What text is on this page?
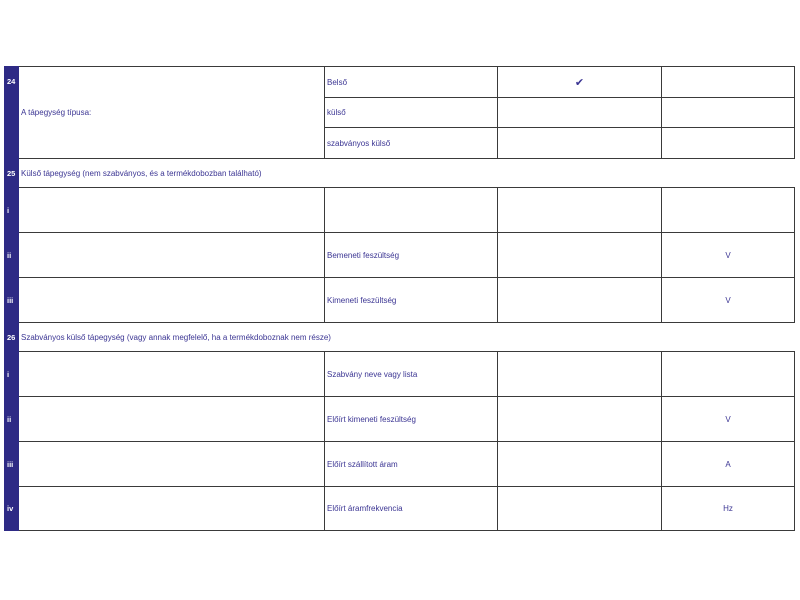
24	A tápegység típusa:	Belső	✔	
		külső		
		szabványos külső		
25	Külső tápegység (nem szabványos, és a termékdobozban található)			
i				
ii		Bemeneti feszültség		V
iii		Kimeneti feszültség		V
26	Szabványos külső tápegység (vagy annak megfelelő, ha a termékdoboznak nem része)			
i		Szabvány neve vagy lista		
ii		Előírt kimeneti feszültség		V
iii		Előírt szállított áram		A
iv		Előírt áramfrekvencia		Hz
